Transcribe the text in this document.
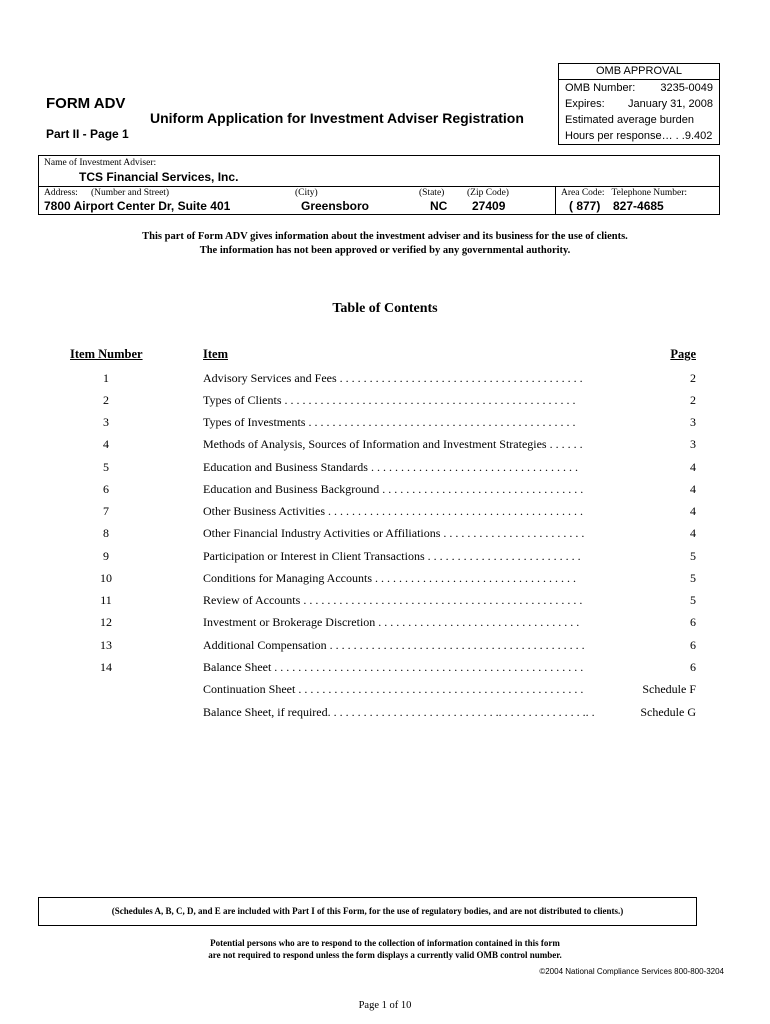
OMB APPROVAL
OMB Number: 3235-0049
Expires: January 31, 2008
Estimated average burden
Hours per response… . .9.402
FORM ADV
Uniform Application for Investment Adviser Registration
Part II - Page 1
Name of Investment Adviser:
TCS Financial Services, Inc.
Address: (Number and Street)	(City)	(State) (Zip Code)	Area Code:   Telephone Number:
7800 Airport Center Dr, Suite 401	Greensboro	NC 27409	( 877) 827-4685
This part of Form ADV gives information about the investment adviser and its business for the use of clients.
The information has not been approved or verified by any governmental authority.
Table of Contents
Item Number	Item	Page
1	Advisory Services and Fees . . . . . . . . . . . . . . . . . . . . . . . . . . . . . . . . . . . . . . . . .	2
2	Types of Clients . . . . . . . . . . . . . . . . . . . . . . . . . . . . . . . . . . . . . . . . . . . . . . . . .	2
3	Types of Investments . . . . . . . . . . . . . . . . . . . . . . . . . . . . . . . . . . . . . . . . . . . . .	3
4	Methods of Analysis, Sources of Information and Investment Strategies . . . . . .	3
5	Education and Business Standards . . . . . . . . . . . . . . . . . . . . . . . . . . . . . . . . . . .	4
6	Education and Business Background . . . . . . . . . . . . . . . . . . . . . . . . . . . . . . . . . .	4
7	Other Business Activities . . . . . . . . . . . . . . . . . . . . . . . . . . . . . . . . . . . . . . . . . . .	4
8	Other Financial Industry Activities or Affiliations . . . . . . . . . . . . . . . . . . . . . . . .	4
9	Participation or Interest in Client Transactions . . . . . . . . . . . . . . . . . . . . . . . . . .	5
10	Conditions for Managing Accounts . . . . . . . . . . . . . . . . . . . . . . . . . . . . . . . . . .	5
11	Review of Accounts . . . . . . . . . . . . . . . . . . . . . . . . . . . . . . . . . . . . . . . . . . . . . . .	5
12	Investment or Brokerage Discretion . . . . . . . . . . . . . . . . . . . . . . . . . . . . . . . . . .	6
13	Additional Compensation . . . . . . . . . . . . . . . . . . . . . . . . . . . . . . . . . . . . . . . . . . .	6
14	Balance Sheet . . . . . . . . . . . . . . . . . . . . . . . . . . . . . . . . . . . . . . . . . . . . . . . . . . . .	6
Continuation Sheet . . . . . . . . . . . . . . . . . . . . . . . . . . . . . . . . . . . . . . . . . . . . . . . .	Schedule F
Balance Sheet, if required. . . . . . . . . . . . . . . . . . . . . . . . . . . . .. . . . . . . . . . . . . . .. .	Schedule G
(Schedules A, B, C, D, and E are included with Part I of this Form, for the use of regulatory bodies, and are not distributed to clients.)
Potential persons who are to respond to the collection of information contained in this form
are not required to respond unless the form displays a currently valid OMB control number.
©2004 National Compliance Services 800-800-3204
Page 1 of 10
